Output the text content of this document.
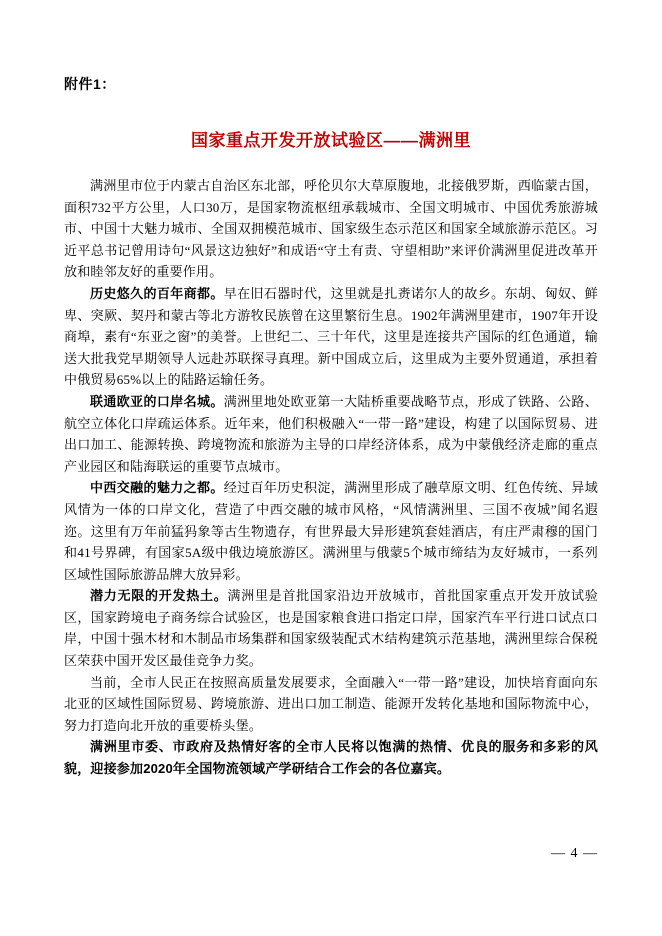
附件1：
国家重点开发开放试验区——满洲里

满洲里市位于内蒙古自治区东北部，呼伦贝尔大草原腹地，北接俄罗斯，西临蒙古国，面积732平方公里，人口30万，是国家物流枢纽承载城市、全国文明城市、中国优秀旅游城市、中国十大魅力城市、全国双拥模范城市、国家级生态示范区和国家全域旅游示范区。习近平总书记曾用诗句“风景这边独好”和成语“守土有责、守望相助”来评价满洲里促进改革开放和睦邻友好的重要作用。

历史悠久的百年商都。早在旧石器时代，这里就是扎赉诺尔人的故乡。东胡、匈奴、鲜卑、突厥、契丹和蒙古等北方游牧民族曾在这里繁衍生息。1902年满洲里建市，1907年开设商埠，素有“东亚之窗”的美誉。上世纪二、三十年代，这里是连接共产国际的红色通道，输送大批我党早期领导人远赴苏联探寻真理。新中国成立后，这里成为主要外贸通道，承担着中俄贸易65%以上的陆路运输任务。

联通欧亚的口岸名城。满洲里地处欧亚第一大陆桥重要战略节点，形成了铁路、公路、航空立体化口岸疏运体系。近年来，他们积极融入“一带一路”建设，构建了以国际贸易、进出口加工、能源转换、跨境物流和旅游为主导的口岸经济体系，成为中蒙俄经济走廊的重点产业园区和陆海联运的重要节点城市。

中西交融的魅力之都。经过百年历史积淀，满洲里形成了融草原文明、红色传统、异域风情为一体的口岸文化，营造了中西交融的城市风格，“风情满洲里、三国不夜城”闻名遐迩。这里有万年前猛犸象等古生物遗存，有世界最大异形建筑套娃酒店，有庄严肃穆的国门和41号界碑，有国家5A级中俄边境旅游区。满洲里与俄蒙5个城市缔结为友好城市，一系列区域性国际旅游品牌大放异彩。

潜力无限的开发热土。满洲里是首批国家沿边开放城市，首批国家重点开发开放试验区，国家跨境电子商务综合试验区，也是国家粮食进口指定口岸，国家汽车平行进口试点口岸，中国十强木材和木制品市场集群和国家级装配式木结构建筑示范基地，满洲里综合保税区荣获中国开发区最佳竞争力奖。

当前，全市人民正在按照高质量发展要求，全面融入“一带一路”建设，加快培育面向东北亚的区域性国际贸易、跨境旅游、进出口加工制造、能源开发转化基地和国际物流中心，努力打造向北开放的重要桥头堡。

满洲里市委、市政府及热情好客的全市人民将以饱满的热情、优良的服务和多彩的风貌，迎接参加2020年全国物流领域产学研结合工作会的各位嘉宾。

— 4 —
